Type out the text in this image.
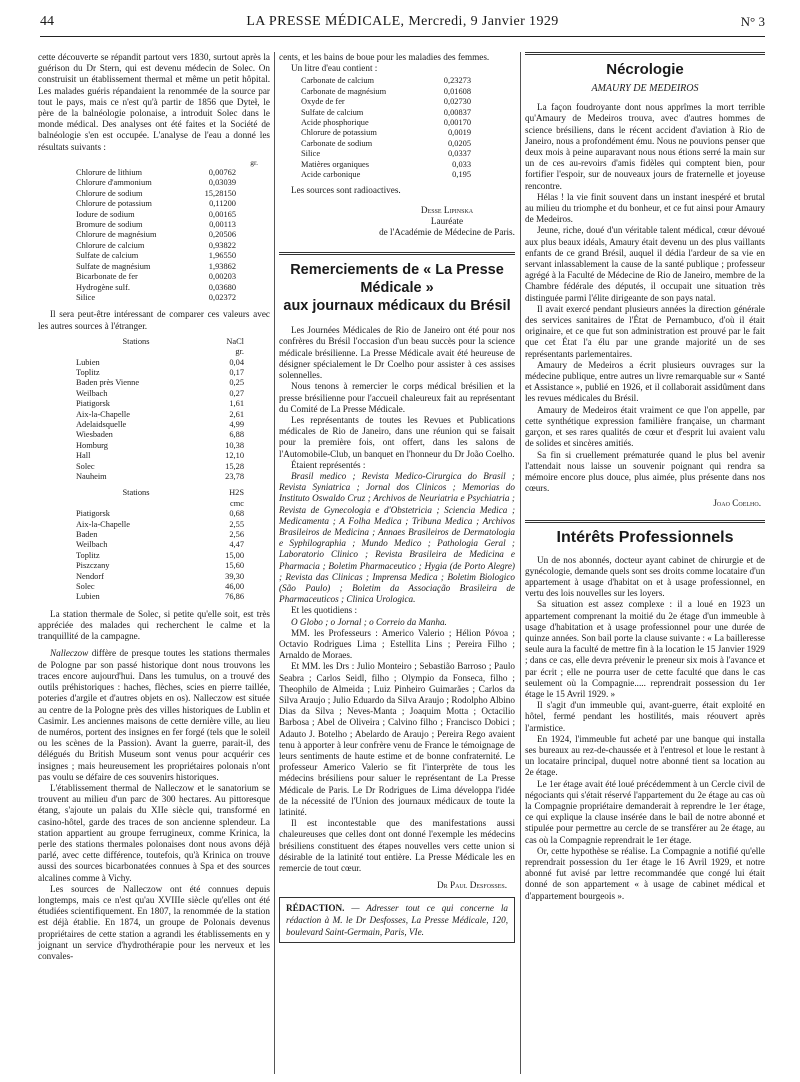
44	LA PRESSE MÉDICALE, Mercredi, 9 Janvier 1929	N° 3

cette découverte se répandit partout vers 1830, surtout après la guérison du Dr Stern, qui est devenu médecin de Solec. On construisit un établissement thermal et même un petit hôpital. Les malades guéris répandaient la renommée de la source par tout le pays, mais ce n'est qu'à partir de 1856 que Dyteł, le père de la balnéologie polonaise, a introduit Solec dans le monde médical. Des analyses ont été faites et la Société de balnéologie s'en est occupée. L'analyse de l'eau a donné les résultats suivants :

gr.
Chlorure de lithium	0,00762
Chlorure d'ammonium	0,03039
Chlorure de sodium	15,28150
Chlorure de potassium	0,11200
Iodure de sodium	0,00165
Bromure de sodium	0,00113
Chlorure de magnésium	0,20506
Chlorure de calcium	0,93822
Sulfate de calcium	1,96550
Sulfate de magnésium	1,93862
Bicarbonate de fer	0,00203
Hydrogène sulf.	0,03680
Silice	0,02372

Il sera peut-être intéressant de comparer ces valeurs avec les autres sources à l'étranger.

Stations	NaCl
	gr.
Lubien	0,04
Toplitz	0,17
Baden près Vienne	0,25
Weilbach	0,27
Piatigorsk	1,61
Aix-la-Chapelle	2,61
Adelaidsquelle	4,99
Wiesbaden	6,88
Homburg	10,38
Hall	12,10
Solec	15,28
Nauheim	23,78
Stations	H2S
	cmc
Piatigorsk	0,68
Aix-la-Chapelle	2,55
Baden	2,56
Weilbach	4,47
Toplitz	15,00
Piszczany	15,60
Nendorf	39,30
Solec	46,00
Lubien	76,86

La station thermale de Solec, si petite qu'elle soit, est très appréciée des malades qui recherchent le calme et la tranquillité de la campagne.

Nalleczow diffère de presque toutes les stations thermales de Pologne par son passé historique dont nous trouvons les traces encore aujourd'hui. Dans les tumulus, on a trouvé des outils préhistoriques : haches, flèches, scies en pierre taillée, poteries d'argile et d'autres objets en os). Nalleczow est située au centre de la Pologne près des villes historiques de Lublin et Casimir. Les anciennes maisons de cette dernière ville, au lieu de numéros, portent des insignes en fer forgé (tels que le soleil ou les scènes de la Passion). Avant la guerre, parait-il, des délégués du British Museum sont venus pour acquérir ces insignes ; mais heureusement les propriétaires polonais n'ont pas voulu se défaire de ces souvenirs historiques.

L'établissement thermal de Nalleczow et le sanatorium se trouvent au milieu d'un parc de 300 hectares. Au pittoresque étang, s'ajoute un palais du XIIe siècle qui, transformé en casino-hôtel, garde des traces de son ancienne splendeur. La station appartient au groupe ferrugineux, comme Krinica, la perle des stations thermales polonaises dont nous avons déjà parlé, avec cette différence, toutefois, qu'à Krinica on trouve aussi des sources bicarbonatées connues à Spa et des sources alcalines comme à Vichy.

Les sources de Nalleczow ont été connues depuis longtemps, mais ce n'est qu'au XVIIIe siècle qu'elles ont été étudiées scientifiquement. En 1807, la renommée de la station est déjà établie. En 1874, un groupe de Polonais devenus propriétaires de cette station a agrandi les établissements en y joignant un service d'hydrothérapie pour les nerveux et les convales-

cents, et les bains de boue pour les maladies des femmes.

Un litre d'eau contient :

Carbonate de calcium	0,23273
Carbonate de magnésium	0,01608
Oxyde de fer	0,02730
Sulfate de calcium	0,00837
Acide phosphorique	0,00170
Chlorure de potassium	0,0019
Carbonate de sodium	0,0205
Silice	0,0337
Matières organiques	0,033
Acide carbonique	0,195

Les sources sont radioactives.

Desse Lipinska
Lauréate
de l'Académie de Médecine de Paris.
Remerciements de « La Presse Médicale »
aux journaux médicaux du Brésil

Les Journées Médicales de Rio de Janeiro ont été pour nos confrères du Brésil l'occasion d'un beau succès pour la science médicale brésilienne. La Presse Médicale avait été heureuse de désigner spécialement le Dr Coelho pour assister à ces assises solennelles.

Nous tenons à remercier le corps médical brésilien et la presse brésilienne pour l'accueil chaleureux fait au représentant du Comité de La Presse Médicale.

Les représentants de toutes les Revues et Publications médicales de Rio de Janeiro, dans une réunion qui se faisait pour la première fois, ont offert, dans les salons de l'Automobile-Club, un banquet en l'honneur du Dr João Coelho.

Étaient représentés :

Brasil medico ; Revista Medico-Cirurgica do Brasil ; Revista Syniatrica ; Jornal dos Clinicos ; Memorias do Instituto Oswaldo Cruz ; Archivos de Neuriatria e Psychiatria ; Revista de Gynecologia e d'Obstetricia ; Sciencia Medica ; Medicamenta ; A Folha Medica ; Tribuna Medica ; Archivos Brasileiros de Medicina ; Annaes Brasileiros de Dermatologia e Syphilographia ; Mundo Medico ; Pathologia Geral ; Laboratorio Clinico ; Revista Brasileira de Medicina e Pharmacia ; Boletim Pharmaceutico ; Hygia (de Porto Alegre) ; Revista das Clinicas ; Imprensa Medica ; Boletim Biologico (São Paulo) ; Boletim da Associação Brasileira de Pharmaceuticos ; Clinica Urologica.

Et les quotidiens :

O Globo ; o Jornal ; o Correio da Manha.

MM. les Professeurs : Americo Valerio ; Hélion Póvoa ; Octavio Rodrigues Lima ; Estellita Lins ; Pereira Filho ; Arnaldo de Moraes.

Et MM. les Drs : Julio Monteiro ; Sebastião Barroso ; Paulo Seabra ; Carlos Seidl, filho ; Olympio da Fonseca, filho ; Theophilo de Almeida ; Luiz Pinheiro Guimarães ; Carlos da Silva Araujo ; Julio Eduardo da Silva Araujo ; Rodolpho Albino Dias da Silva ; Neves-Manta ; Joaquim Motta ; Octacilio Barbosa ; Abel de Oliveira ; Calvino filho ; Francisco Dobici ; Adauto J. Botelho ; Abelardo de Araujo ; Pereira Rego avaient tenu à apporter à leur confrère venu de France le témoignage de leurs sentiments de haute estime et de bonne confraternité. Le professeur Americo Valerio se fit l'interprète de tous les médecins brésiliens pour saluer le représentant de La Presse Médicale de Paris. Le Dr Rodrigues de Lima développa l'idée de la nécessité de l'Union des journaux médicaux de toute la latinité.

Il est incontestable que des manifestations aussi chaleureuses que celles dont ont donné l'exemple les médecins brésiliens constituent des étapes nouvelles vers cette union si désirable de la latinité tout entière. La Presse Médicale les en remercie de tout cœur.

Dr Paul Desfosses.
RÉDACTION. — Adresser tout ce qui concerne la rédaction à M. le Dr Desfosses, La Presse Médicale, 120, boulevard Saint-Germain, Paris, VIe.
Nécrologie
AMAURY DE MEDEIROS

La façon foudroyante dont nous apprîmes la mort terrible qu'Amaury de Medeiros trouva, avec d'autres hommes de science brésiliens, dans le récent accident d'aviation à Rio de Janeiro, nous a profondément ému. Nous ne pouvions penser que deux mois à peine auparavant nous nous étions serré la main sur un de ces au-revoirs d'amis fidèles qui comptent bien, pour fortifier l'espoir, sur de nouveaux jours de fraternelle et joyeuse rencontre.

Hélas ! la vie finit souvent dans un instant inespéré et brutal au milieu du triomphe et du bonheur, et ce fut ainsi pour Amaury de Medeiros.

Jeune, riche, doué d'un véritable talent médical, cœur dévoué aux plus beaux idéals, Amaury était devenu un des plus vaillants enfants de ce grand Brésil, auquel il dédia l'ardeur de sa vie en servant inlassablement la cause de la santé publique ; professeur agrégé à la Faculté de Médecine de Rio de Janeiro, membre de la Chambre fédérale des députés, il occupait une situation très distinguée parmi l'élite dirigeante de son pays natal.

Il avait exercé pendant plusieurs années la direction générale des services sanitaires de l'État de Pernambuco, d'où il était originaire, et ce que fut son administration est prouvé par le fait que cet État l'a élu par une grande majorité un de ses représentants parlementaires.

Amaury de Medeiros a écrit plusieurs ouvrages sur la médecine publique, entre autres un livre remarquable sur « Santé et Assistance », publié en 1926, et il collaborait assidûment dans les revues médicales du Brésil.

Amaury de Medeiros était vraiment ce que l'on appelle, par cette synthétique expression familière française, un charmant garçon, et ses rares qualités de cœur et d'esprit lui avaient valu de solides et sincères amitiés.

Sa fin si cruellement prématurée quand le plus bel avenir l'attendait nous laisse un souvenir poignant qui rendra sa mémoire encore plus douce, plus aimée, plus présente dans nos cœurs.

Joao Coelho.
Intérêts Professionnels

Un de nos abonnés, docteur ayant cabinet de chirurgie et de gynécologie, demande quels sont ses droits comme locataire d'un appartement à usage d'habitat on et à usage professionnel, en vertu des lois nouvelles sur les loyers.

Sa situation est assez complexe : il a loué en 1923 un appartement comprenant la moitié du 2e étage d'un immeuble à usage d'habitation et à usage professionnel pour une durée de quinze années. Son bail porte la clause suivante : « La bailleresse seule aura la faculté de mettre fin à la location le 15 Janvier 1929 ; dans ce cas, elle devra prévenir le preneur six mois à l'avance et par écrit ; elle ne pourra user de cette faculté que dans le cas seulement où la Compagnie..... reprendrait possession du 1er étage le 15 Avril 1929. »

Il s'agit d'un immeuble qui, avant-guerre, était exploité en hôtel, fermé pendant les hostilités, mais réouvert après l'armistice.

En 1924, l'immeuble fut acheté par une banque qui installa ses bureaux au rez-de-chaussée et à l'entresol et loue le restant à un locataire principal, duquel notre abonné tient sa location au 2e étage.

Le 1er étage avait été loué précédemment à un Cercle civil de négociants qui s'était réservé l'appartement du 2e étage au cas où la Compagnie propriétaire demanderait à reprendre le 1er étage, ce qui explique la clause insérée dans le bail de notre abonné et stipulée pour permettre au cercle de se transférer au 2e étage, au cas où la Compagnie reprendrait le 1er étage.

Or, cette hypothèse se réalise. La Compagnie a notifié qu'elle reprendrait possession du 1er étage le 16 Avril 1929, et notre abonné fut avisé par lettre recommandée que congé lui était donné de son appartement « à usage de cabinet médical et d'appartement bourgeois ».
